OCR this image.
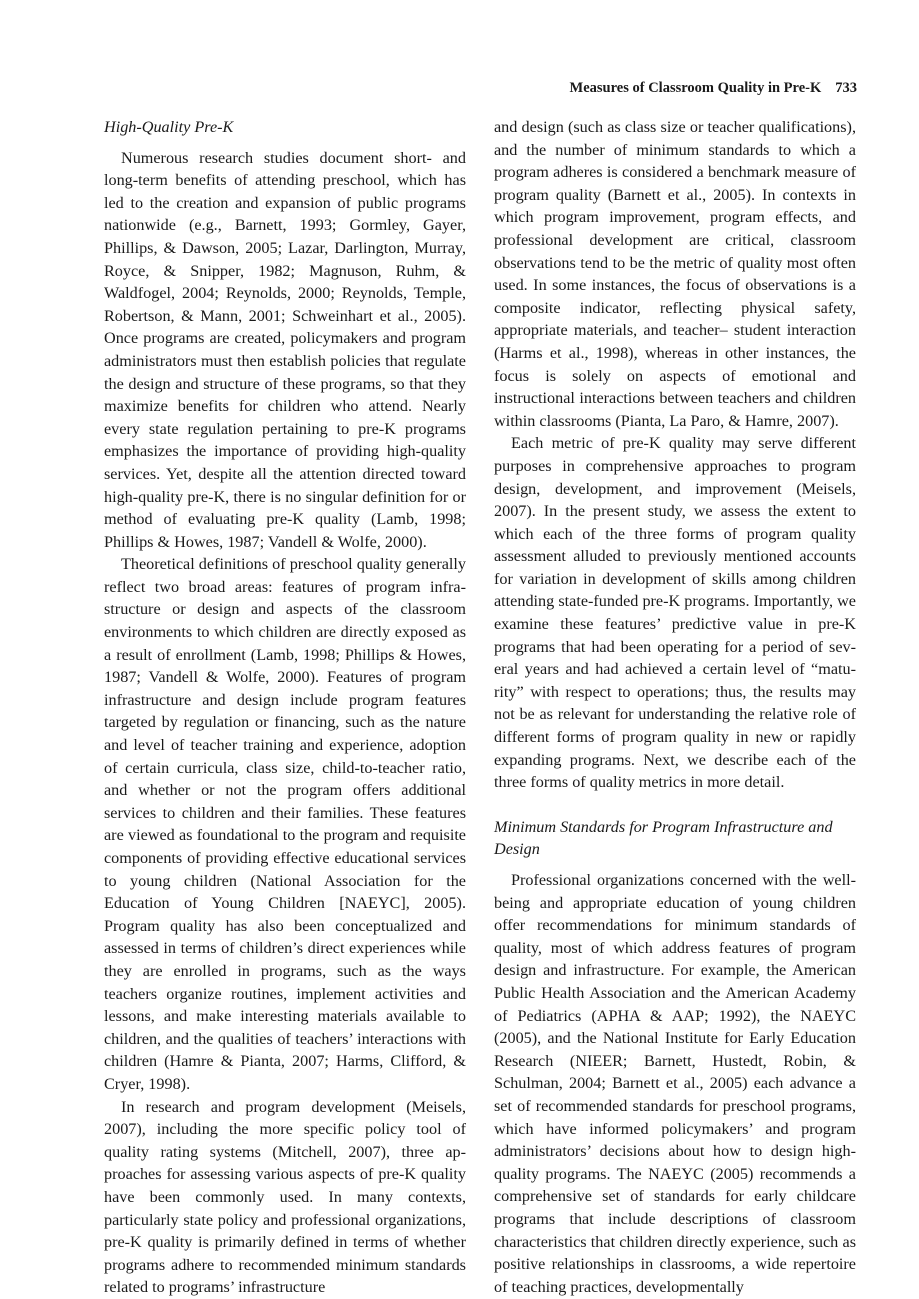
Measures of Classroom Quality in Pre-K 733
High-Quality Pre-K

Numerous research studies document short- and long-term benefits of attending preschool, which has led to the creation and expansion of public programs nationwide (e.g., Barnett, 1993; Gormley, Gayer, Phillips, & Dawson, 2005; Lazar, Darlington, Murray, Royce, & Snipper, 1982; Magnuson, Ruhm, & Waldfogel, 2004; Reynolds, 2000; Reynolds, Temple, Robertson, & Mann, 2001; Schweinhart et al., 2005). Once programs are created, policymakers and program administrators must then establish policies that regulate the design and structure of these programs, so that they maximize benefits for children who attend. Nearly every state regulation pertaining to pre-K programs emphasizes the importance of providing high-quality services. Yet, despite all the attention directed toward high-quality pre-K, there is no singular definition for or method of evaluating pre-K quality (Lamb, 1998; Phillips & Howes, 1987; Vandell & Wolfe, 2000).

Theoretical definitions of preschool quality generally reflect two broad areas: features of program infrastructure or design and aspects of the classroom environments to which children are directly exposed as a result of enrollment (Lamb, 1998; Phillips & Howes, 1987; Vandell & Wolfe, 2000). Features of program infrastructure and design include program features targeted by regulation or financing, such as the nature and level of teacher training and experience, adoption of certain curricula, class size, child-to-teacher ratio, and whether or not the program offers additional services to children and their families. These features are viewed as foundational to the program and requisite components of providing effective educational services to young children (National Association for the Education of Young Children [NAEYC], 2005). Program quality has also been conceptualized and assessed in terms of children’s direct experiences while they are enrolled in programs, such as the ways teachers organize routines, implement activities and lessons, and make interesting materials available to children, and the qualities of teachers’ interactions with children (Hamre & Pianta, 2007; Harms, Clifford, & Cryer, 1998).

In research and program development (Meisels, 2007), including the more specific policy tool of quality rating systems (Mitchell, 2007), three approaches for assessing various aspects of pre-K quality have been commonly used. In many contexts, particularly state policy and professional organizations, pre-K quality is primarily defined in terms of whether programs adhere to recommended minimum standards related to programs’ infrastructure

and design (such as class size or teacher qualifications), and the number of minimum standards to which a program adheres is considered a benchmark measure of program quality (Barnett et al., 2005). In contexts in which program improvement, program effects, and professional development are critical, classroom observations tend to be the metric of quality most often used. In some instances, the focus of observations is a composite indicator, reflecting physical safety, appropriate materials, and teacher– student interaction (Harms et al., 1998), whereas in other instances, the focus is solely on aspects of emotional and instructional interactions between teachers and children within classrooms (Pianta, La Paro, & Hamre, 2007).

Each metric of pre-K quality may serve different purposes in comprehensive approaches to program design, development, and improvement (Meisels, 2007). In the present study, we assess the extent to which each of the three forms of program quality assessment alluded to previously mentioned accounts for variation in development of skills among children attending state-funded pre-K programs. Importantly, we examine these features’ predictive value in pre-K programs that had been operating for a period of several years and had achieved a certain level of “maturity” with respect to operations; thus, the results may not be as relevant for understanding the relative role of different forms of program quality in new or rapidly expanding programs. Next, we describe each of the three forms of quality metrics in more detail.

Minimum Standards for Program Infrastructure and Design

Professional organizations concerned with the well-being and appropriate education of young children offer recommendations for minimum standards of quality, most of which address features of program design and infrastructure. For example, the American Public Health Association and the American Academy of Pediatrics (APHA & AAP; 1992), the NAEYC (2005), and the National Institute for Early Education Research (NIEER; Barnett, Hustedt, Robin, & Schulman, 2004; Barnett et al., 2005) each advance a set of recommended standards for preschool programs, which have informed policymakers’ and program administrators’ decisions about how to design high-quality programs. The NAEYC (2005) recommends a comprehensive set of standards for early childcare programs that include descriptions of classroom characteristics that children directly experience, such as positive relationships in classrooms, a wide repertoire of teaching practices, developmentally
